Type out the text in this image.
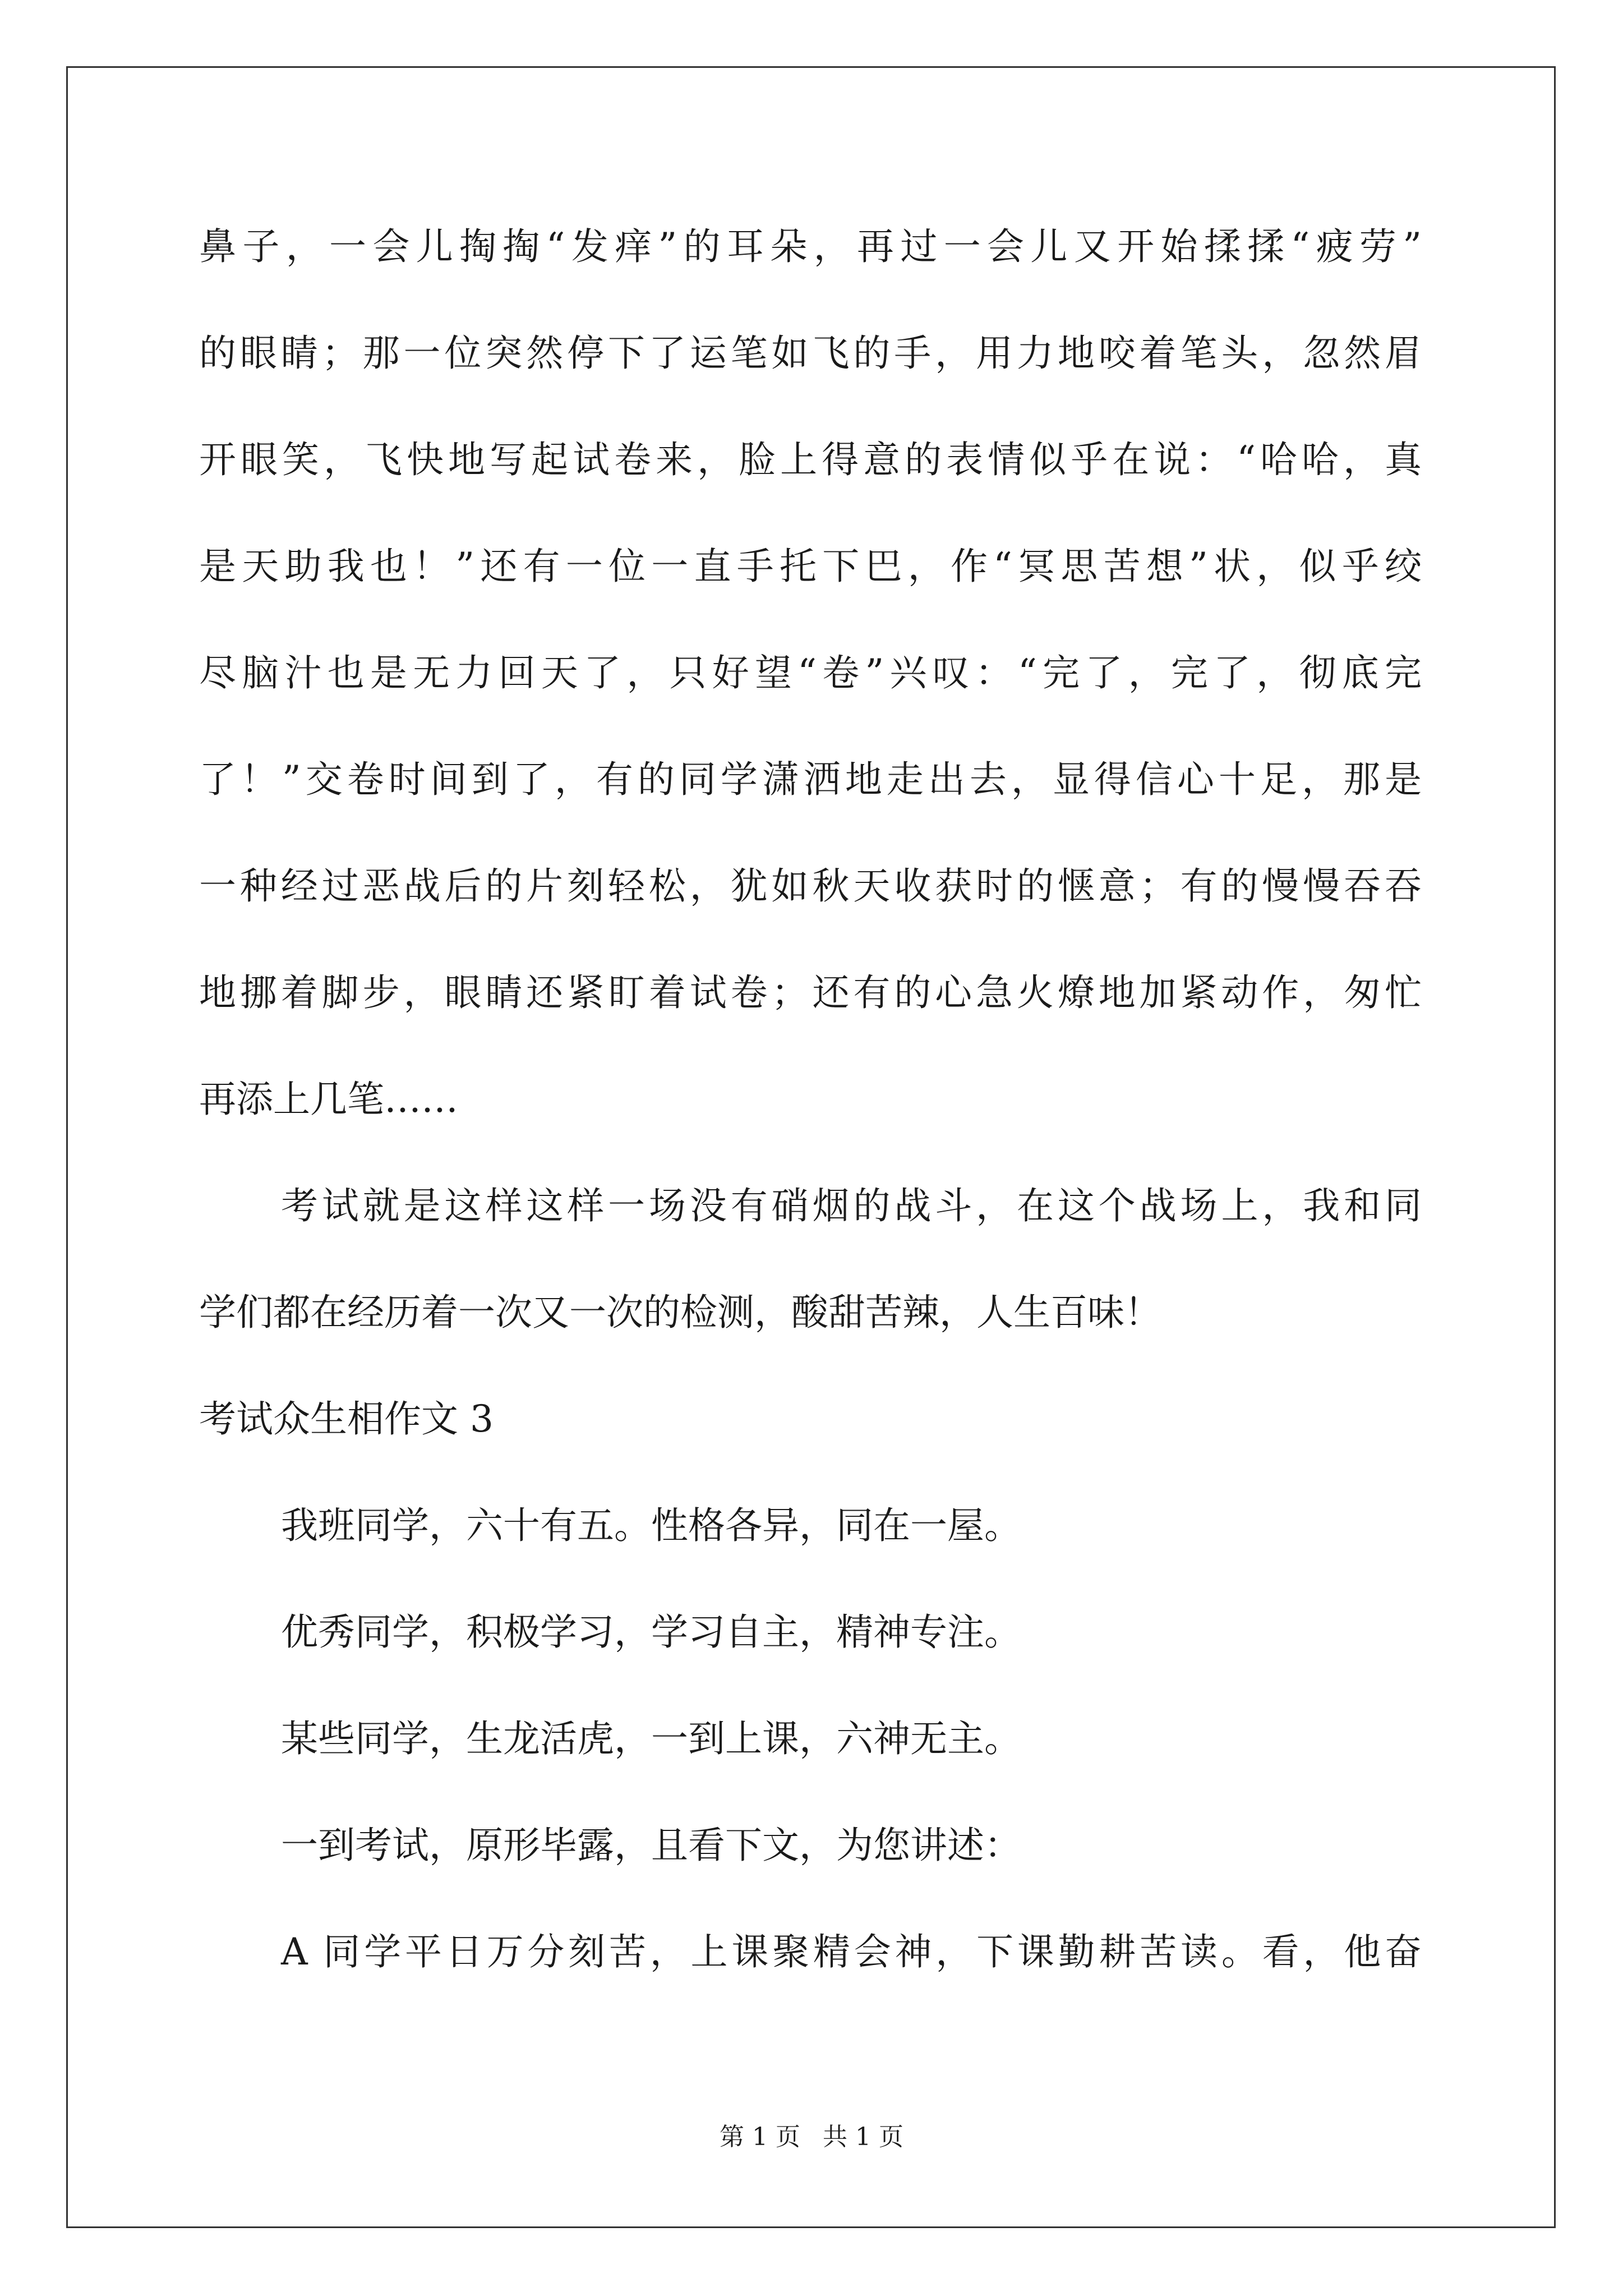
鼻子，一会儿掏掏“发痒”的耳朵，再过一会儿又开始揉揉“疲劳”
的眼睛；那一位突然停下了运笔如飞的手，用力地咬着笔头，忽然眉
开眼笑，飞快地写起试卷来，脸上得意的表情似乎在说：“哈哈，真
是天助我也！”还有一位一直手托下巴，作“冥思苦想”状，似乎绞
尽脑汁也是无力回天了，只好望“卷”兴叹：“完了，完了，彻底完
了！”交卷时间到了，有的同学潇洒地走出去，显得信心十足，那是
一种经过恶战后的片刻轻松，犹如秋天收获时的惬意；有的慢慢吞吞
地挪着脚步，眼睛还紧盯着试卷；还有的心急火燎地加紧动作，匆忙
再添上几笔……
考试就是这样这样一场没有硝烟的战斗，在这个战场上，我和同
学们都在经历着一次又一次的检测，酸甜苦辣，人生百味！
考试众生相作文 3
我班同学，六十有五。性格各异，同在一屋。
优秀同学，积极学习，学习自主，精神专注。
某些同学，生龙活虎，一到上课，六神无主。
一到考试，原形毕露，且看下文，为您讲述：
A 同学平日万分刻苦，上课聚精会神，下课勤耕苦读。看，他奋
第 1 页 共 1 页
